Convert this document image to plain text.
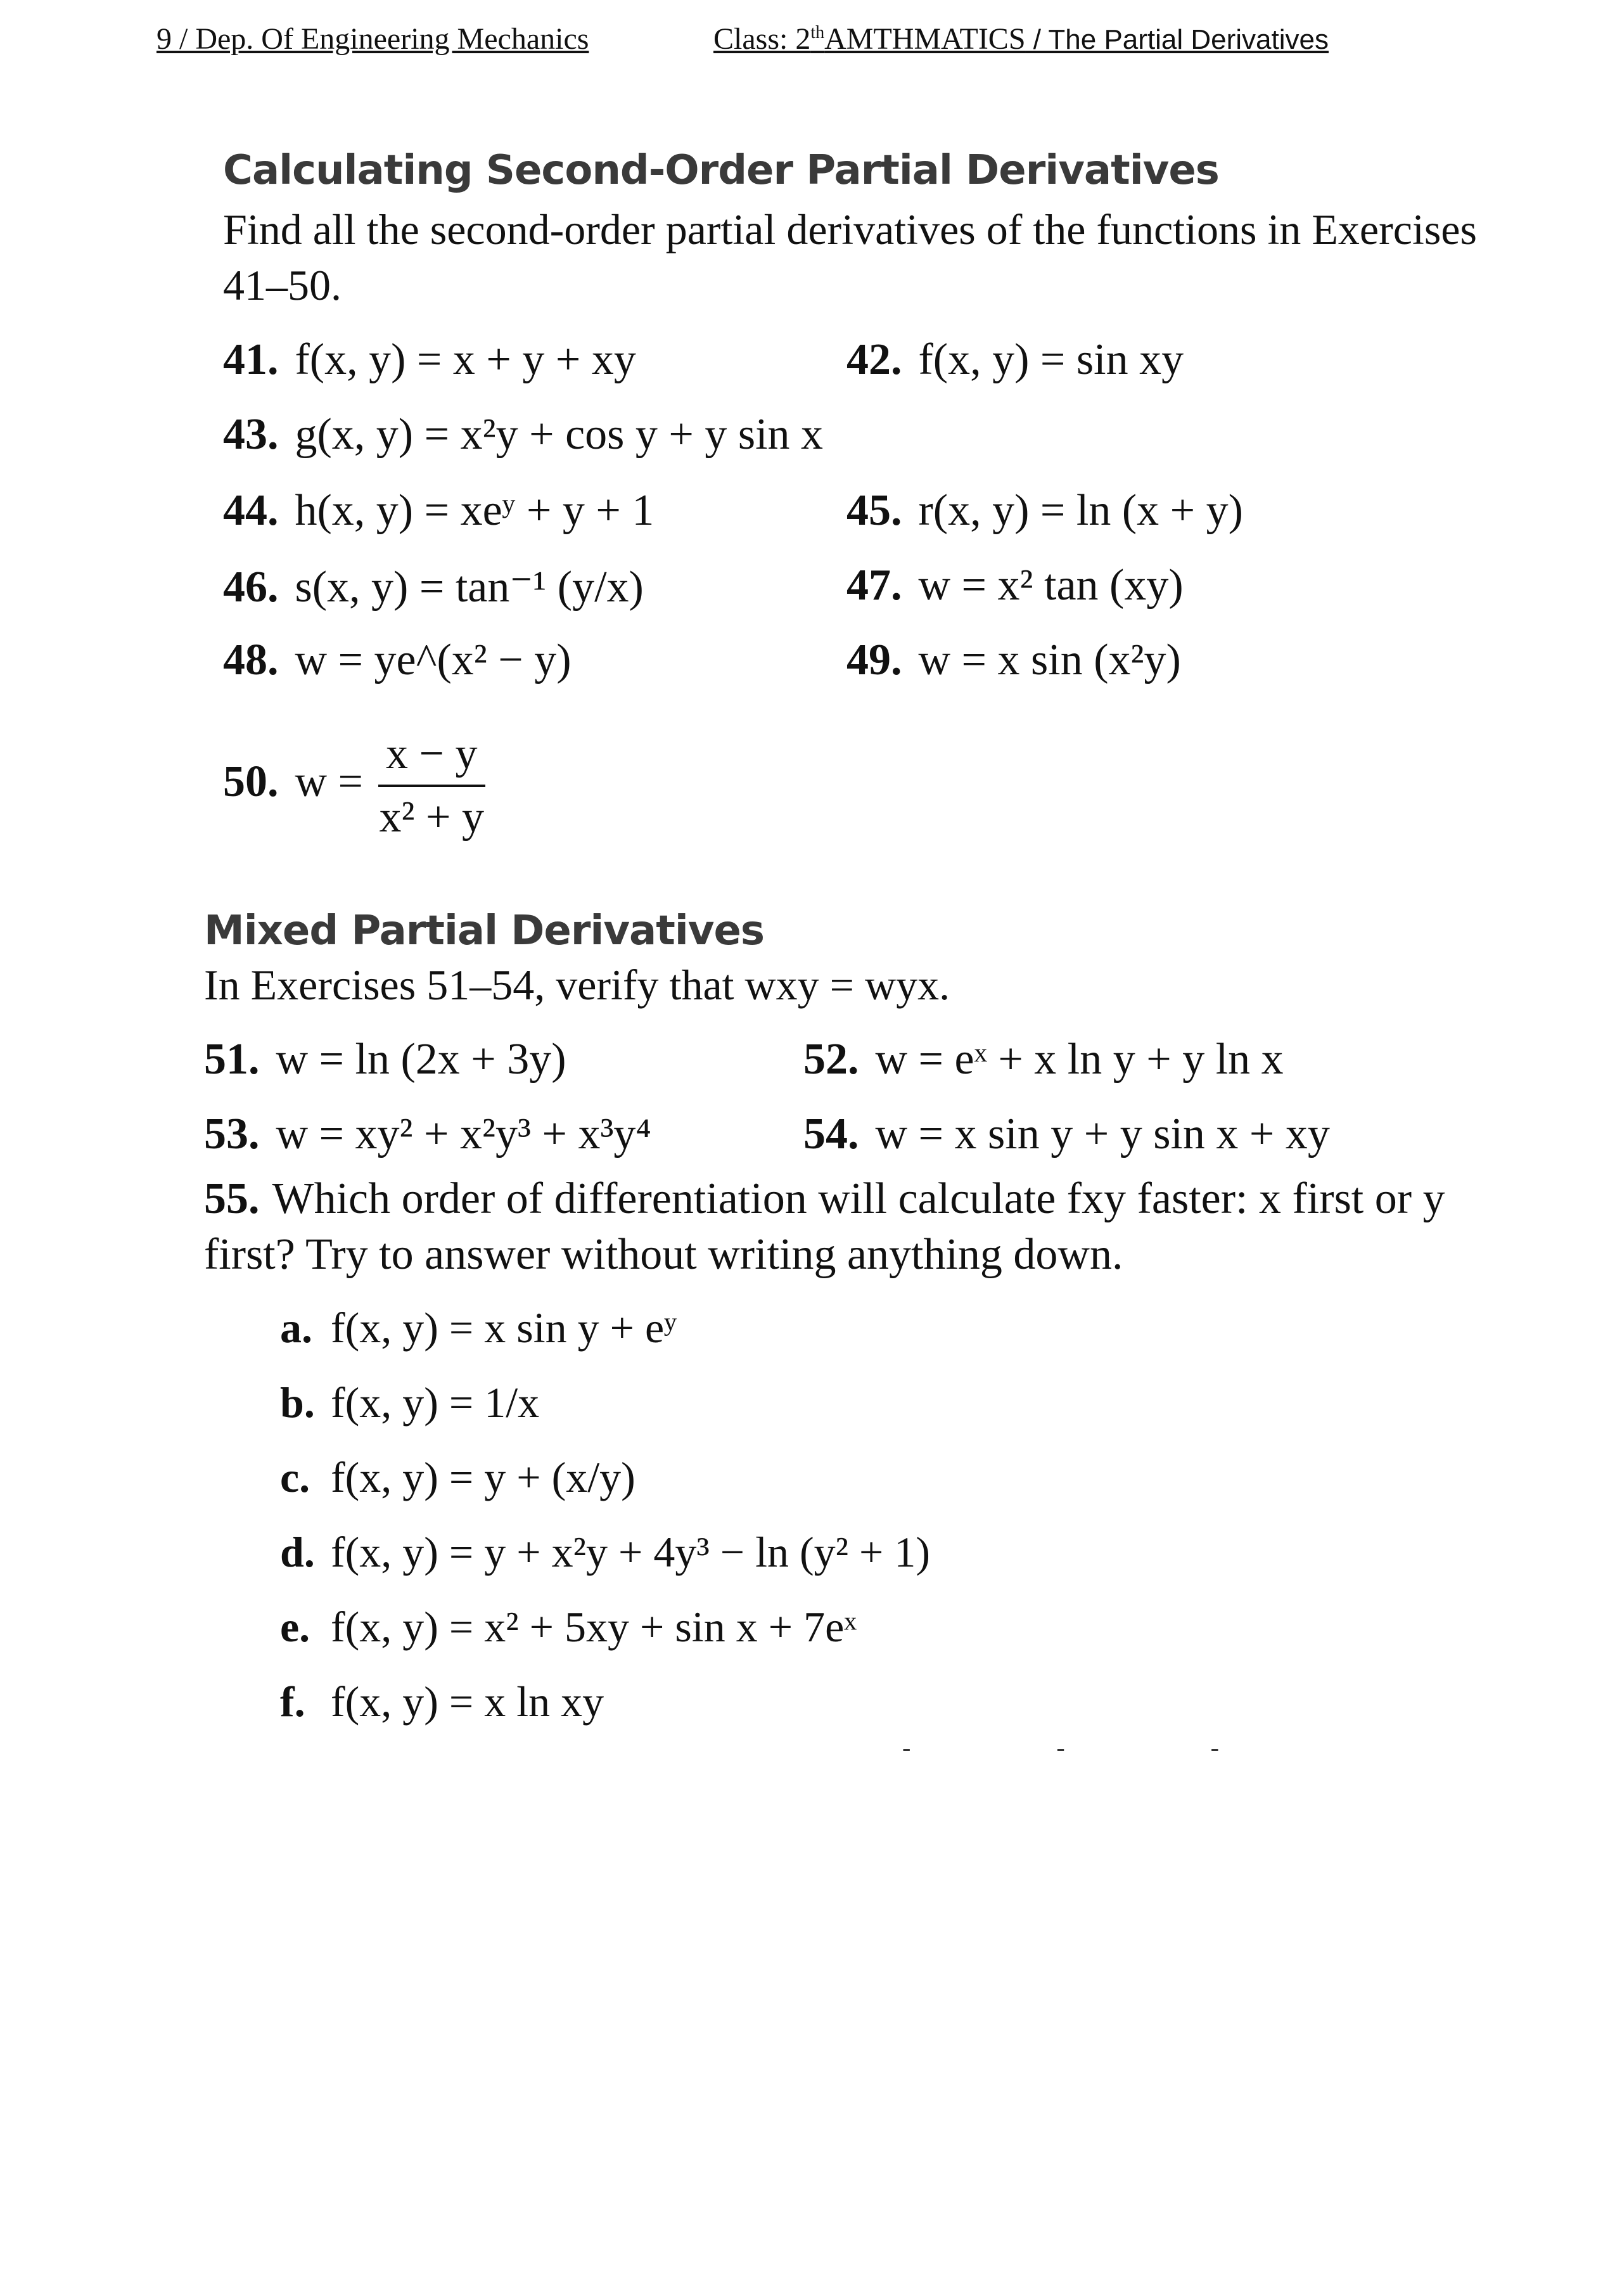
9 / Dep. Of Engineering Mechanics	Class: 2thAMTHMATICS / The Partial Derivatives
Calculating Second-Order Partial Derivatives
Find all the second-order partial derivatives of the functions in Exercises 41–50.
41. f(x, y) = x + y + xy	42. f(x, y) = sin xy
43. g(x, y) = x²y + cos y + y sin x
44. h(x, y) = xeʸ + y + 1	45. r(x, y) = ln (x + y)
46. s(x, y) = tan⁻¹ (y/x)	47. w = x² tan (xy)
48. w = ye^(x² − y)	49. w = x sin (x²y)
50. $w = \frac{x - y}{\text{x² + y}}$
Mixed Partial Derivatives
In Exercises 51–54, verify that wxy = wyx.
51. w = ln (2x + 3y)	52. w = eˣ + x ln y + y ln x
53. w = xy² + x²y³ + x³y⁴	54. w = x sin y + y sin x + xy
55. Which order of differentiation will calculate fxy faster: x first or y first? Try to answer without writing anything down.
a. f(x, y) = x sin y + eʸ
b. f(x, y) = 1/x
c. f(x, y) = y + (x/y)
d. f(x, y) = y + x²y + 4y³ − ln (y² + 1)
e. f(x, y) = x² + 5xy + sin x + 7eˣ
f. f(x, y) = x ln xy
- - -
